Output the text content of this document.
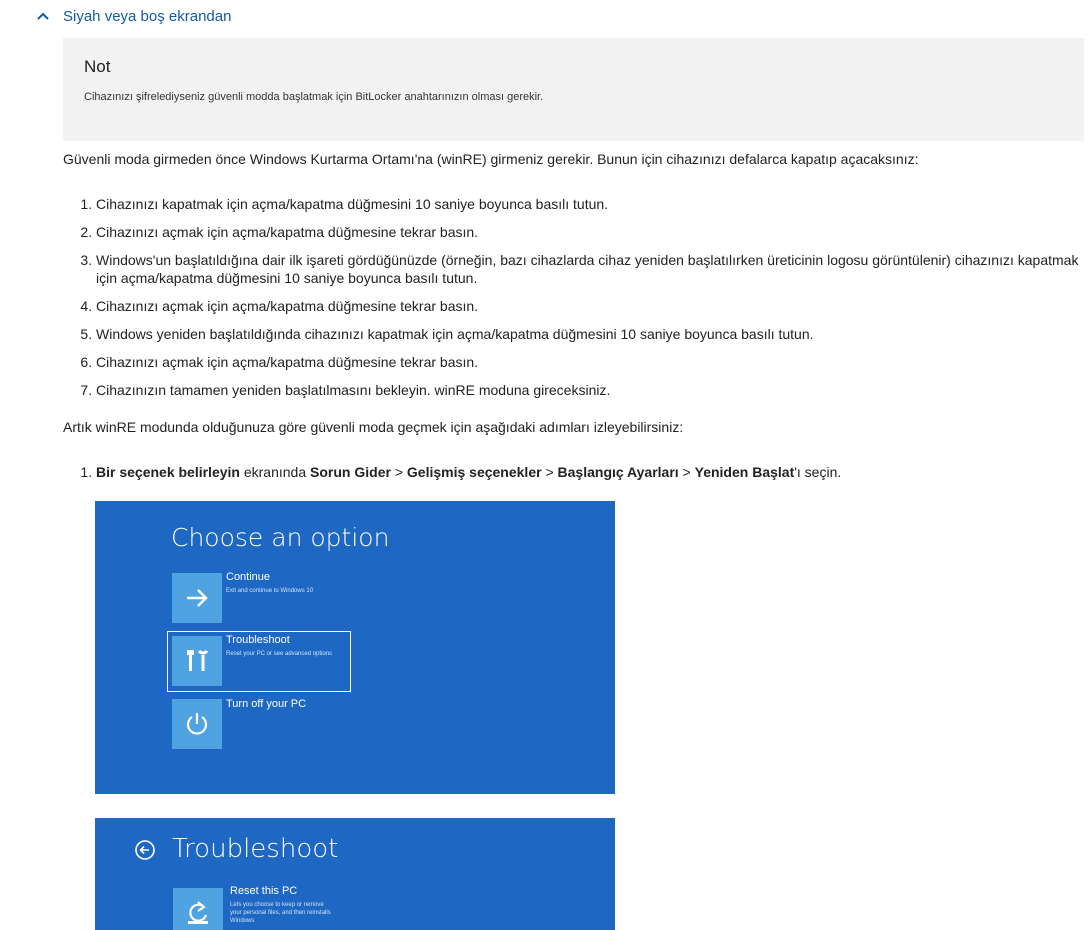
Siyah veya boş ekrandan
Not
Cihazınızı şifrelediyseniz güvenli modda başlatmak için BitLocker anahtarınızın olması gerekir.
Güvenli moda girmeden önce Windows Kurtarma Ortamı'na (winRE) girmeniz gerekir. Bunun için cihazınızı defalarca kapatıp açacaksınız:
1. Cihazınızı kapatmak için açma/kapatma düğmesini 10 saniye boyunca basılı tutun.
2. Cihazınızı açmak için açma/kapatma düğmesine tekrar basın.
3. Windows'un başlatıldığına dair ilk işareti gördüğünüzde (örneğin, bazı cihazlarda cihaz yeniden başlatılırken üreticinin logosu görüntülenir) cihazınızı kapatmak için açma/kapatma düğmesini 10 saniye boyunca basılı tutun.
4. Cihazınızı açmak için açma/kapatma düğmesine tekrar basın.
5. Windows yeniden başlatıldığında cihazınızı kapatmak için açma/kapatma düğmesini 10 saniye boyunca basılı tutun.
6. Cihazınızı açmak için açma/kapatma düğmesine tekrar basın.
7. Cihazınızın tamamen yeniden başlatılmasını bekleyin. winRE moduna gireceksiniz.
Artık winRE modunda olduğunuza göre güvenli moda geçmek için aşağıdaki adımları izleyebilirsiniz:
1. Bir seçenek belirleyin ekranında Sorun Gider > Gelişmiş seçenekler > Başlangıç Ayarları > Yeniden Başlat'ı seçin.
Choose an option
Continue
Exit and continue to Windows 10
Troubleshoot
Reset your PC or see advanced options
Turn off your PC
Troubleshoot
Reset this PC
Lets you choose to keep or remove
your personal files, and then reinstalls
Windows
